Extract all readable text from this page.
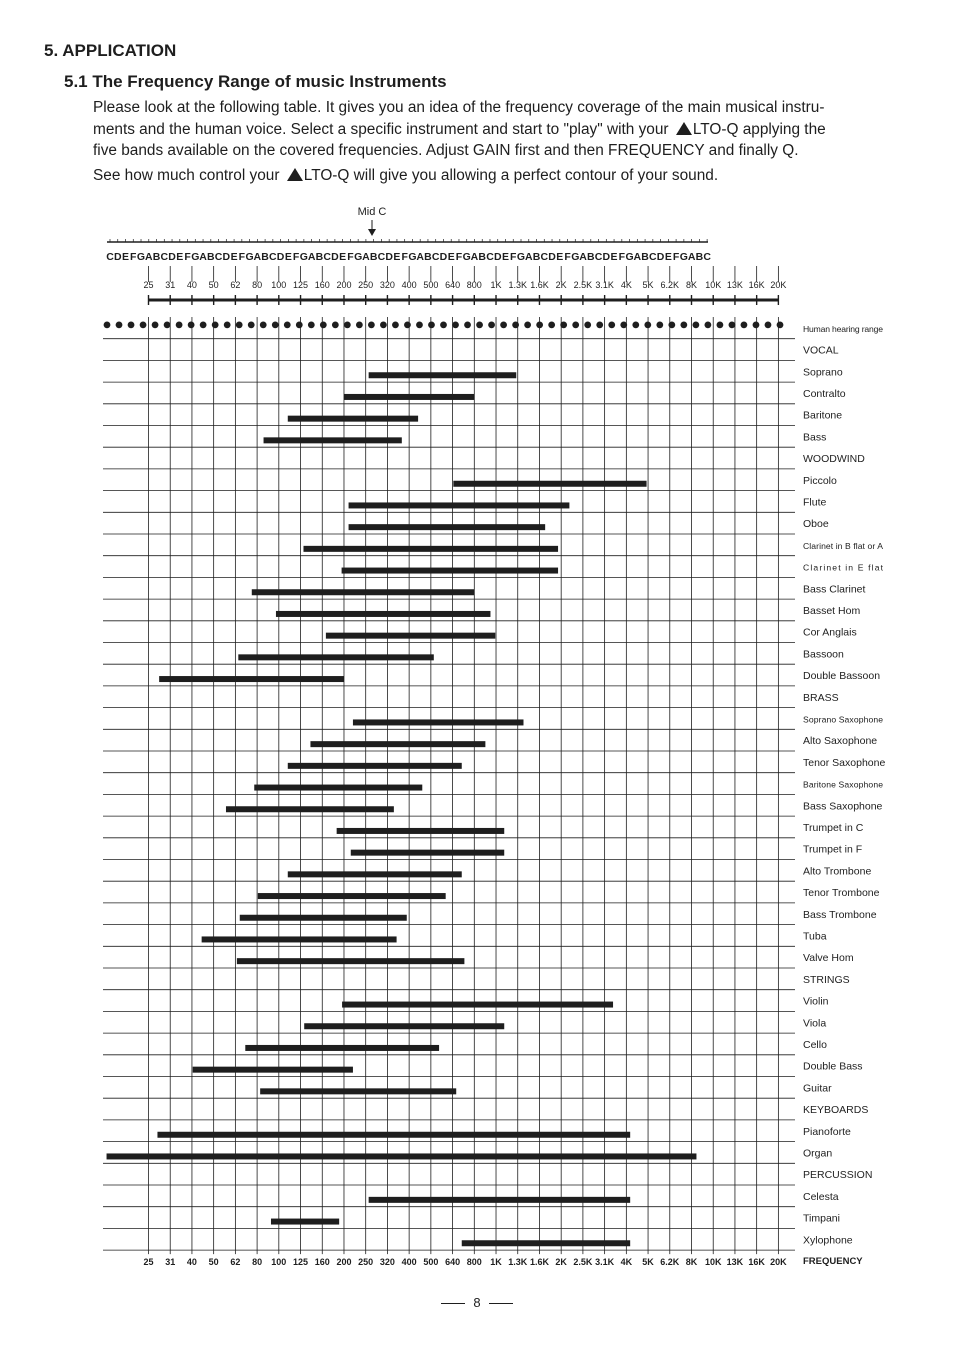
5. APPLICATION
5.1 The Frequency Range of music Instruments
Please look at the following table. It gives you an idea of the frequency coverage of the main musical instru-
ments and the human voice. Select a specific instrument and start to "play" with your LTO-Q applying the
five bands available on the covered frequencies. Adjust GAIN first and then FREQUENCY and finally Q.
See how much control your LTO-Q will give you allowing a perfect contour of your sound.
Mid C
C D E F G A B C D E F G A B C D E F G A B C D E F G A B C D E F G A B C D E F G A B C D E F G A B C D E F G A B C D E F G A B C D E F G A B C D E F G A B C
25 31 40 50 62 80 100 125 160 200 250 320 400 500 640 800 1K 1.3K 1.6K 2K 2.5K 3.1K 4K 5K 6.2K 8K 10K 13K 16K 20K
Human hearing range
VOCAL
Soprano
Contralto
Baritone
Bass
WOODWIND
Piccolo
Flute
Oboe
Clarinet in B flat or A
Clarinet in E flat
Bass Clarinet
Basset Hom
Cor Anglais
Bassoon
Double Bassoon
BRASS
Soprano Saxophone
Alto Saxophone
Tenor Saxophone
Baritone Saxophone
Bass Saxophone
Trumpet in C
Trumpet in F
Alto Trombone
Tenor Trombone
Bass Trombone
Tuba
Valve Hom
STRINGS
Violin
Viola
Cello
Double Bass
Guitar
KEYBOARDS
Pianoforte
Organ
PERCUSSION
Celesta
Timpani
Xylophone
25 31 40 50 62 80 100 125 160 200 250 320 400 500 640 800 1K 1.3K 1.6K 2K 2.5K 3.1K 4K 5K 6.2K 8K 10K 13K 16K 20K FREQUENCY
8
